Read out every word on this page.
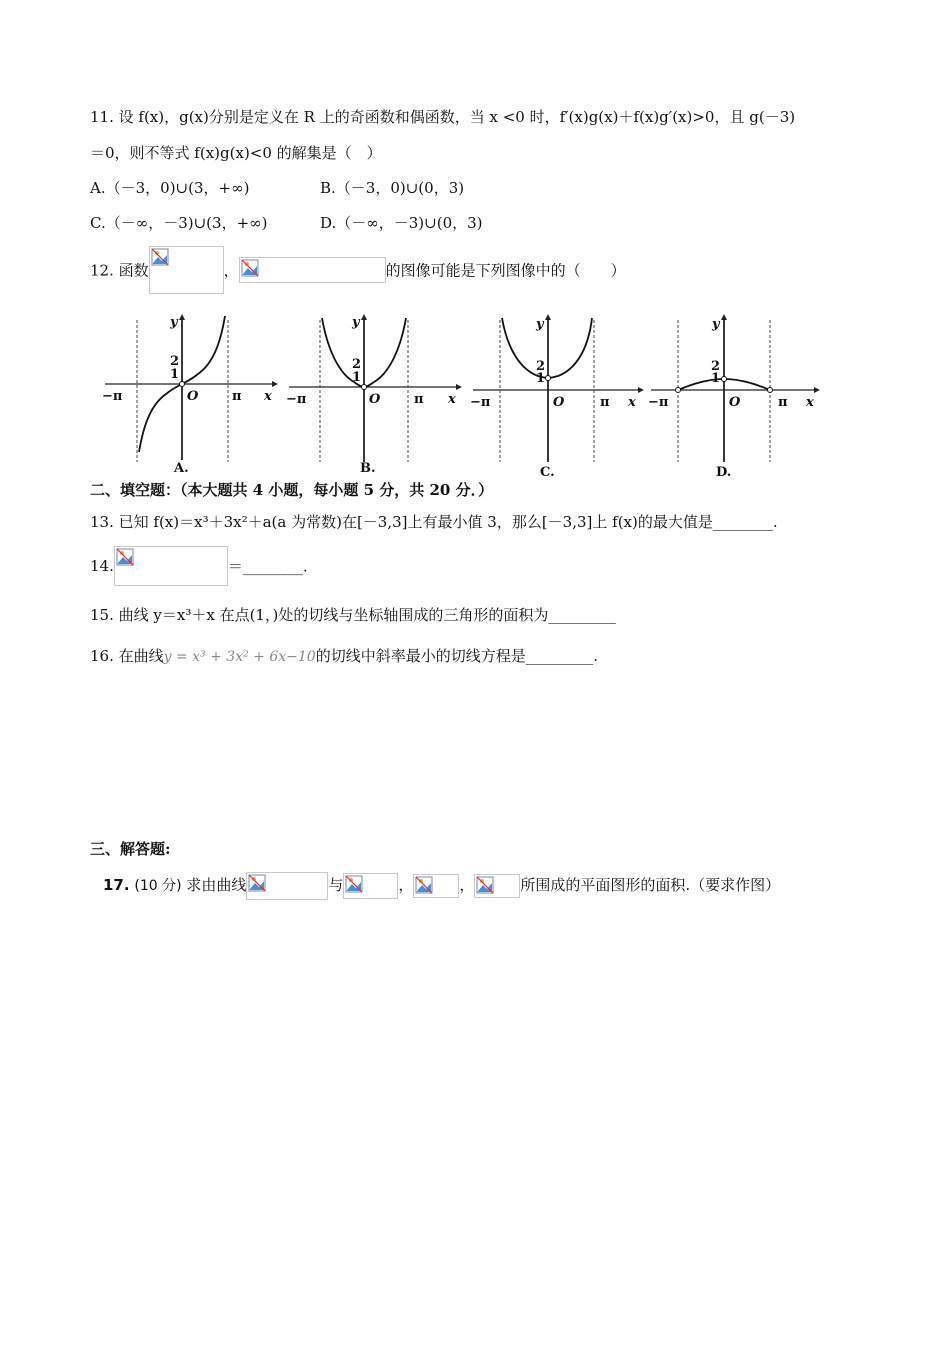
11. 设 f(x)，g(x)分别是定义在 R 上的奇函数和偶函数，当 x <0 时，f′(x)g(x)＋f(x)g′(x)>0，且 g(－3)
＝0，则不等式 f(x)g(x)<0 的解集是（　）
A.（－3，0)∪(3，+∞)	B.（－3，0)∪(0，3)
C.（－∞，－3)∪(3，+∞)	D.（－∞，－3)∪(0，3)
12. 函数	，	的图像可能是下列图像中的（　　）
−π	π x
y
O
2
1
A.
−π	π x
y
O
2
1
B.
−π	π x
y
O
2
1
C.
−π	π x
y
O
2
1
D.
二、填空题：（本大题共 4 小题，每小题 5 分，共 20 分．）
13. 已知 f(x)＝x³＋3x²＋a(a 为常数)在[－3,3]上有最小值 3，那么[－3,3]上 f(x)的最大值是________.
14.	＝________.
15. 曲线 y＝x³＋x 在点(1，)处的切线与坐标轴围成的三角形的面积为_________
16. 在曲线y = x³ + 3x² + 6x−10的切线中斜率最小的切线方程是_________.
三、解答题:
17. (10 分) 求由曲线	与	，	，	所围成的平面图形的面积.（要求作图）
